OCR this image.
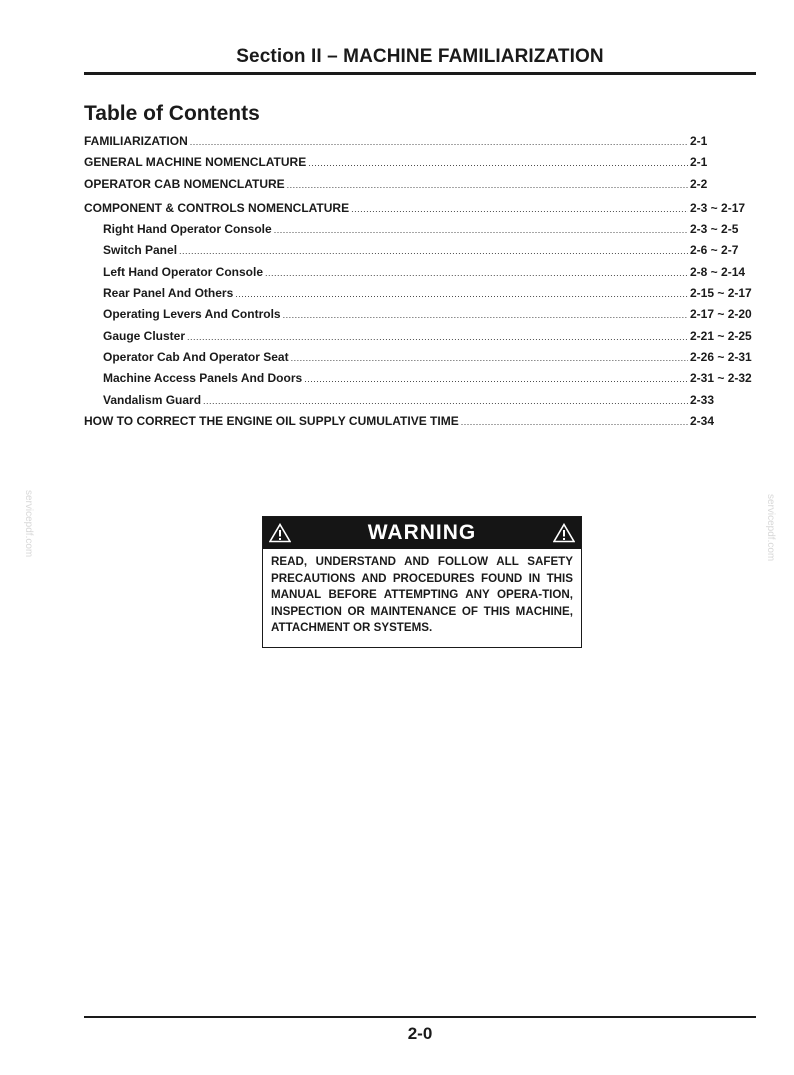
Section II – MACHINE FAMILIARIZATION
Table of Contents
FAMILIARIZATION .....	2-1
GENERAL MACHINE NOMENCLATURE .....	2-1
OPERATOR CAB NOMENCLATURE .....	2-2
COMPONENT & CONTROLS NOMENCLATURE .....	2-3 ~ 2-17
Right Hand Operator Console .....	2-3 ~ 2-5
Switch Panel .....	2-6 ~ 2-7
Left Hand Operator Console .....	2-8 ~ 2-14
Rear Panel And Others .....	2-15 ~ 2-17
Operating Levers And Controls .....	2-17 ~ 2-20
Gauge Cluster .....	2-21 ~ 2-25
Operator Cab And Operator Seat .....	2-26 ~ 2-31
Machine Access Panels And Doors .....	2-31 ~ 2-32
Vandalism Guard .....	2-33
HOW TO CORRECT THE ENGINE OIL SUPPLY CUMULATIVE TIME .....	2-34
WARNING
READ, UNDERSTAND AND FOLLOW ALL SAFETY PRECAUTIONS AND PROCEDURES FOUND IN THIS MANUAL BEFORE ATTEMPTING ANY OPERA-TION, INSPECTION OR MAINTENANCE OF THIS MACHINE, ATTACHMENT OR SYSTEMS.
servicepdf.com	servicepdf.com
2-0
